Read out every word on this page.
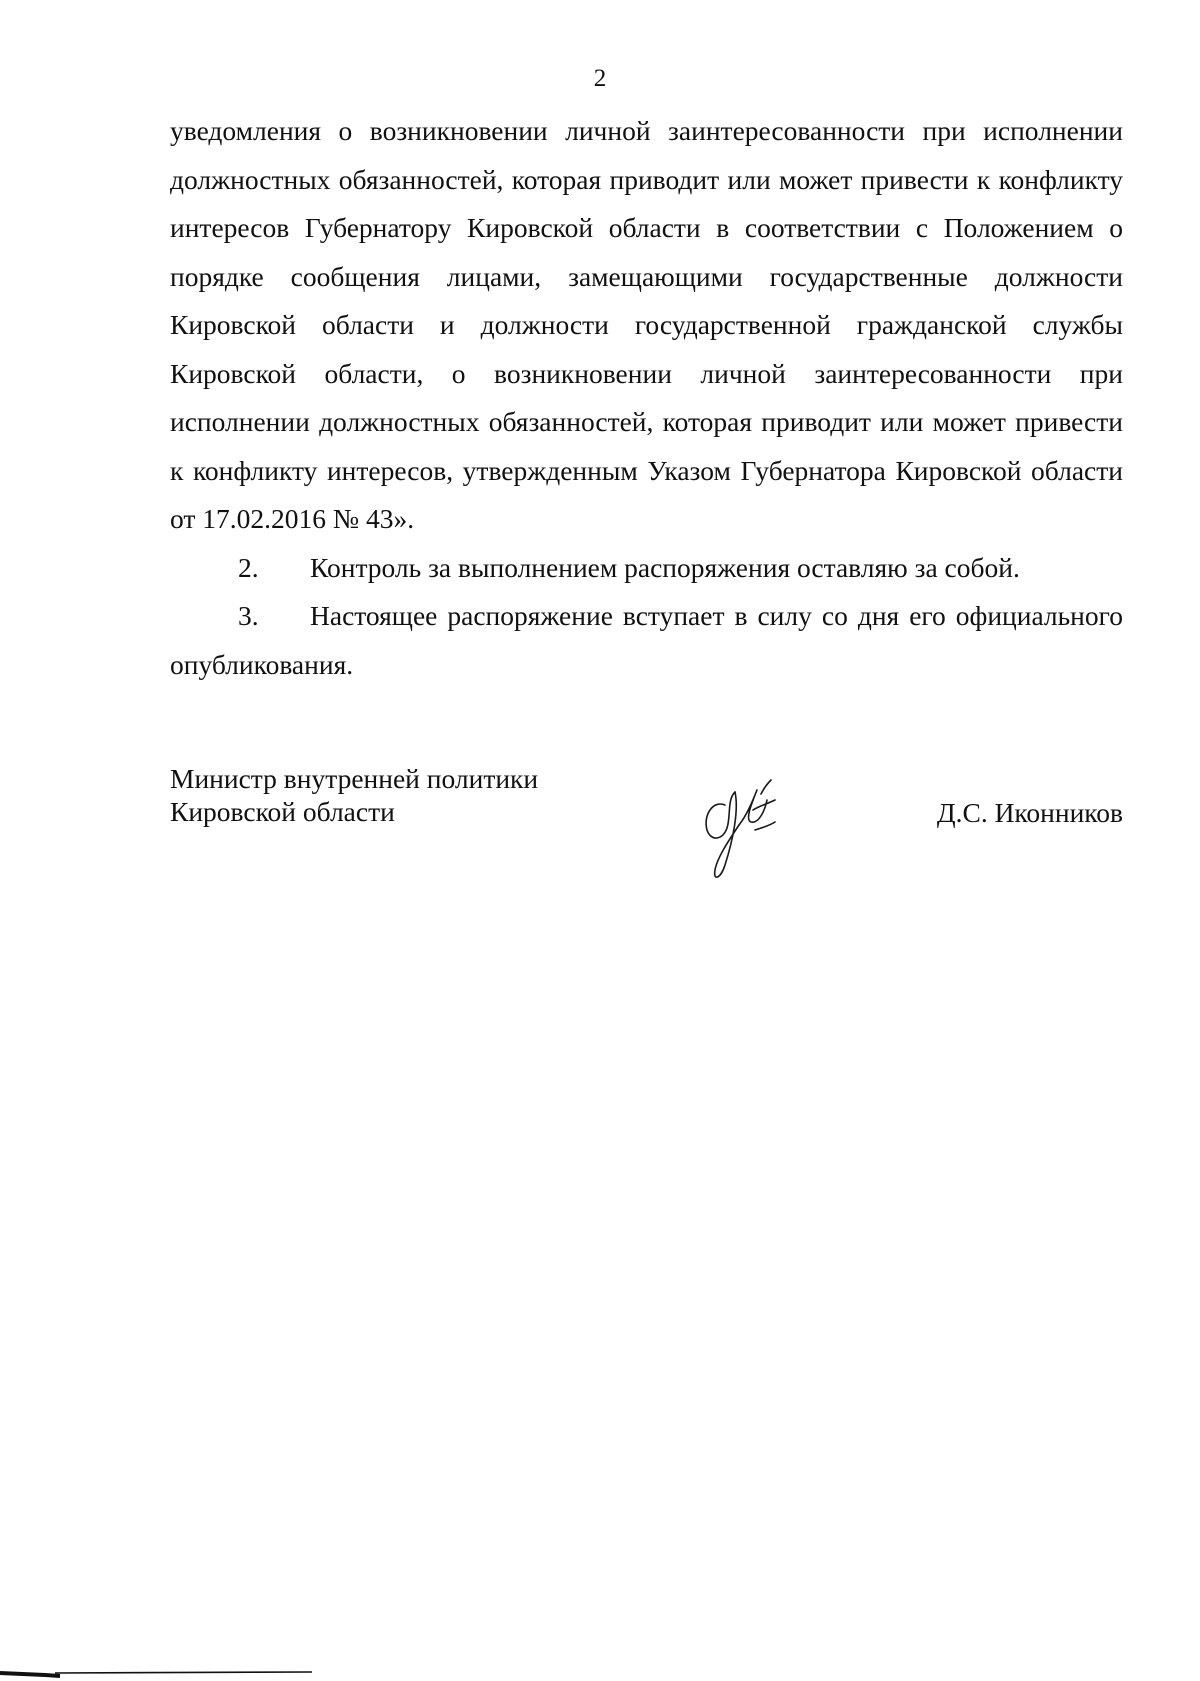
2

уведомления о возникновении личной заинтересованности при исполнении должностных обязанностей, которая приводит или может привести к конфликту интересов Губернатору Кировской области в соответствии с Положением о порядке сообщения лицами, замещающими государственные должности Кировской области и должности государственной гражданской службы Кировской области, о возникновении личной заинтересованности при исполнении должностных обязанностей, которая приводит или может привести к конфликту интересов, утвержденным Указом Губернатора Кировской области от 17.02.2016 № 43».

2. Контроль за выполнением распоряжения оставляю за собой.

3. Настоящее распоряжение вступает в силу со дня его официального опубликования.

Министр внутренней политики
Кировской области	Д.С. Иконников
